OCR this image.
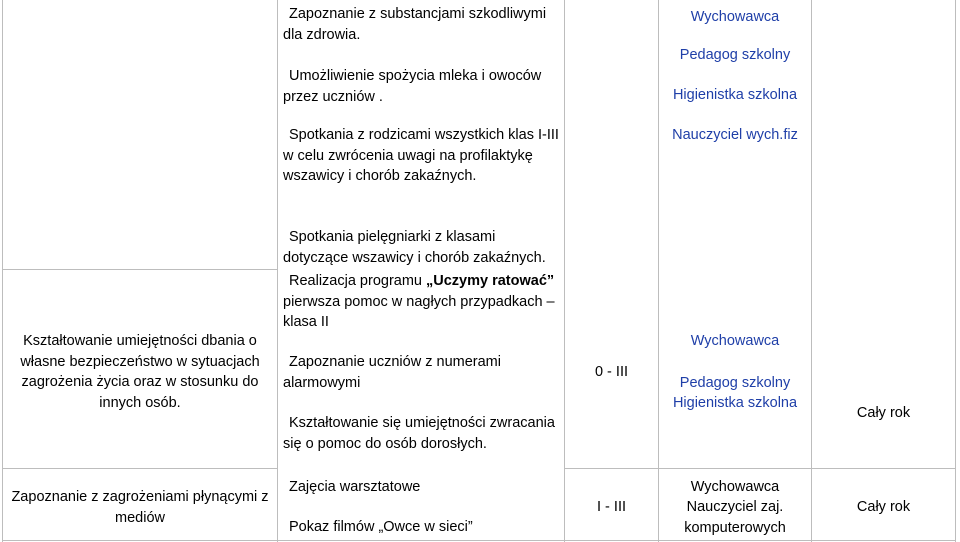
Zapoznanie z substancjami szkodliwymi dla zdrowia.
Umożliwienie spożycia mleka i owoców przez uczniów .
Spotkania z rodzicami wszystkich klas I-III w celu zwrócenia uwagi na profilaktykę wszawicy i chorób zakaźnych.
Wychowawca
Pedagog szkolny
Higienistka szkolna
Nauczyciel wych.fiz
Kształtowanie umiejętności dbania o własne bezpieczeństwo w sytuacjach zagrożenia życia oraz w stosunku do innych osób.
Spotkania pielęgniarki z klasami dotyczące wszawicy i chorób zakaźnych.
Realizacja programu „Uczymy ratować” pierwsza pomoc w nagłych przypadkach – klasa II
Zapoznanie uczniów z numerami alarmowymi
Kształtowanie się umiejętności zwracania się o pomoc do osób dorosłych.
0 - III
Wychowawca
Pedagog szkolny
Higienistka szkolna
Cały rok
Zapoznanie z zagrożeniami płynącymi z mediów
Zajęcia warsztatowe
Pokaz filmów „Owce w sieci”
I - III
Wychowawca
Nauczyciel zaj. komputerowych
Cały rok
